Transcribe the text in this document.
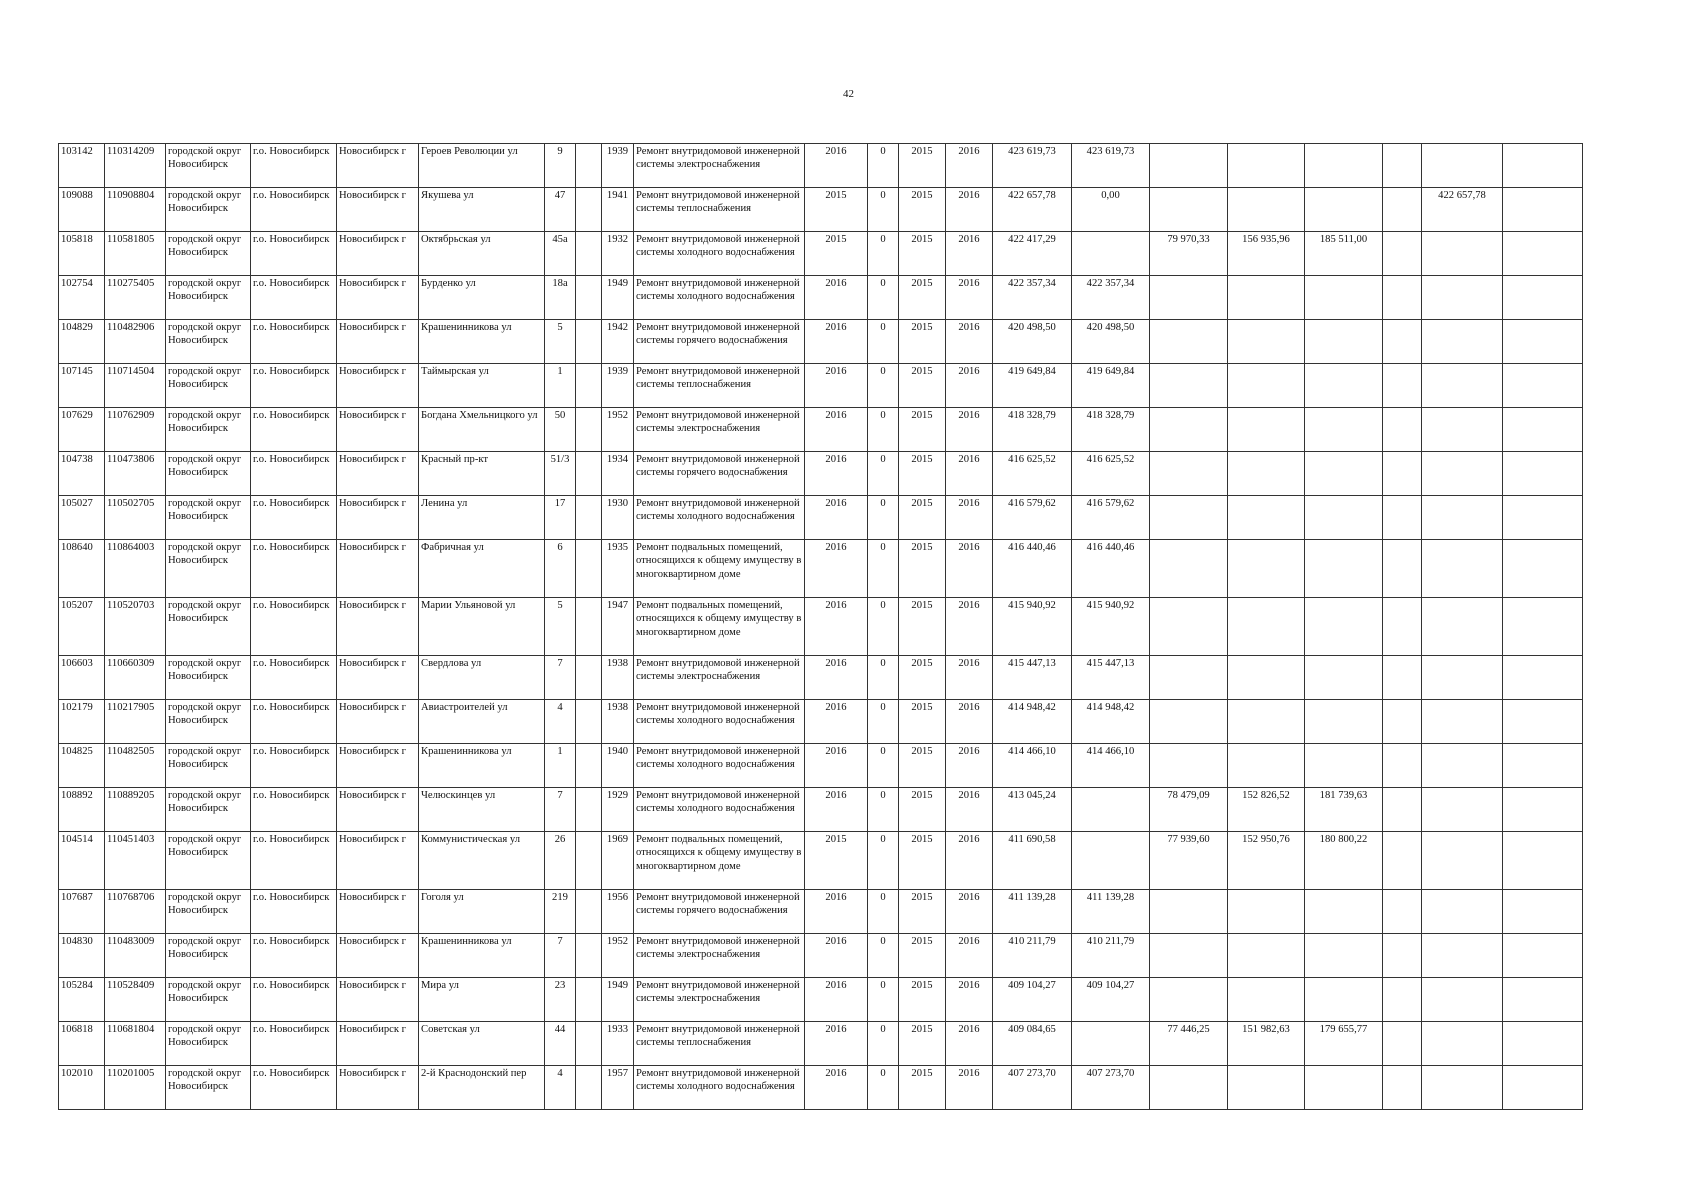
42
103142	110314209	городской округ Новосибирск	г.о. Новосибирск	Новосибирск г	Героев Революции ул	9		1939	Ремонт внутридомовой инженерной системы электроснабжения	2016	0	2015	2016	423 619,73	423 619,73						
109088	110908804	городской округ Новосибирск	г.о. Новосибирск	Новосибирск г	Якушева ул	47		1941	Ремонт внутридомовой инженерной системы теплоснабжения	2015	0	2015	2016	422 657,78	0,00					422 657,78	
105818	110581805	городской округ Новосибирск	г.о. Новосибирск	Новосибирск г	Октябрьская ул	45а		1932	Ремонт внутридомовой инженерной системы холодного водоснабжения	2015	0	2015	2016	422 417,29		79 970,33	156 935,96	185 511,00			
102754	110275405	городской округ Новосибирск	г.о. Новосибирск	Новосибирск г	Бурденко ул	18а		1949	Ремонт внутридомовой инженерной системы холодного водоснабжения	2016	0	2015	2016	422 357,34	422 357,34						
104829	110482906	городской округ Новосибирск	г.о. Новосибирск	Новосибирск г	Крашенинникова ул	5		1942	Ремонт внутридомовой инженерной системы горячего водоснабжения	2016	0	2015	2016	420 498,50	420 498,50						
107145	110714504	городской округ Новосибирск	г.о. Новосибирск	Новосибирск г	Таймырская ул	1		1939	Ремонт внутридомовой инженерной системы теплоснабжения	2016	0	2015	2016	419 649,84	419 649,84						
107629	110762909	городской округ Новосибирск	г.о. Новосибирск	Новосибирск г	Богдана Хмельницкого ул	50		1952	Ремонт внутридомовой инженерной системы электроснабжения	2016	0	2015	2016	418 328,79	418 328,79						
104738	110473806	городской округ Новосибирск	г.о. Новосибирск	Новосибирск г	Красный пр-кт	51/3		1934	Ремонт внутридомовой инженерной системы горячего водоснабжения	2016	0	2015	2016	416 625,52	416 625,52						
105027	110502705	городской округ Новосибирск	г.о. Новосибирск	Новосибирск г	Ленина ул	17		1930	Ремонт внутридомовой инженерной системы холодного водоснабжения	2016	0	2015	2016	416 579,62	416 579,62						
108640	110864003	городской округ Новосибирск	г.о. Новосибирск	Новосибирск г	Фабричная ул	6		1935	Ремонт подвальных помещений, относящихся к общему имуществу в многоквартирном доме	2016	0	2015	2016	416 440,46	416 440,46						
105207	110520703	городской округ Новосибирск	г.о. Новосибирск	Новосибирск г	Марии Ульяновой ул	5		1947	Ремонт подвальных помещений, относящихся к общему имуществу в многоквартирном доме	2016	0	2015	2016	415 940,92	415 940,92						
106603	110660309	городской округ Новосибирск	г.о. Новосибирск	Новосибирск г	Свердлова ул	7		1938	Ремонт внутридомовой инженерной системы электроснабжения	2016	0	2015	2016	415 447,13	415 447,13						
102179	110217905	городской округ Новосибирск	г.о. Новосибирск	Новосибирск г	Авиастроителей ул	4		1938	Ремонт внутридомовой инженерной системы холодного водоснабжения	2016	0	2015	2016	414 948,42	414 948,42						
104825	110482505	городской округ Новосибирск	г.о. Новосибирск	Новосибирск г	Крашенинникова ул	1		1940	Ремонт внутридомовой инженерной системы холодного водоснабжения	2016	0	2015	2016	414 466,10	414 466,10						
108892	110889205	городской округ Новосибирск	г.о. Новосибирск	Новосибирск г	Челюскинцев ул	7		1929	Ремонт внутридомовой инженерной системы холодного водоснабжения	2016	0	2015	2016	413 045,24		78 479,09	152 826,52	181 739,63			
104514	110451403	городской округ Новосибирск	г.о. Новосибирск	Новосибирск г	Коммунистическая ул	26		1969	Ремонт подвальных помещений, относящихся к общему имуществу в многоквартирном доме	2015	0	2015	2016	411 690,58		77 939,60	152 950,76	180 800,22			
107687	110768706	городской округ Новосибирск	г.о. Новосибирск	Новосибирск г	Гоголя ул	219		1956	Ремонт внутридомовой инженерной системы горячего водоснабжения	2016	0	2015	2016	411 139,28	411 139,28						
104830	110483009	городской округ Новосибирск	г.о. Новосибирск	Новосибирск г	Крашенинникова ул	7		1952	Ремонт внутридомовой инженерной системы электроснабжения	2016	0	2015	2016	410 211,79	410 211,79						
105284	110528409	городской округ Новосибирск	г.о. Новосибирск	Новосибирск г	Мира ул	23		1949	Ремонт внутридомовой инженерной системы электроснабжения	2016	0	2015	2016	409 104,27	409 104,27						
106818	110681804	городской округ Новосибирск	г.о. Новосибирск	Новосибирск г	Советская ул	44		1933	Ремонт внутридомовой инженерной системы теплоснабжения	2016	0	2015	2016	409 084,65		77 446,25	151 982,63	179 655,77			
102010	110201005	городской округ Новосибирск	г.о. Новосибирск	Новосибирск г	2-й Краснодонский пер	4		1957	Ремонт внутридомовой инженерной системы холодного водоснабжения	2016	0	2015	2016	407 273,70	407 273,70						
